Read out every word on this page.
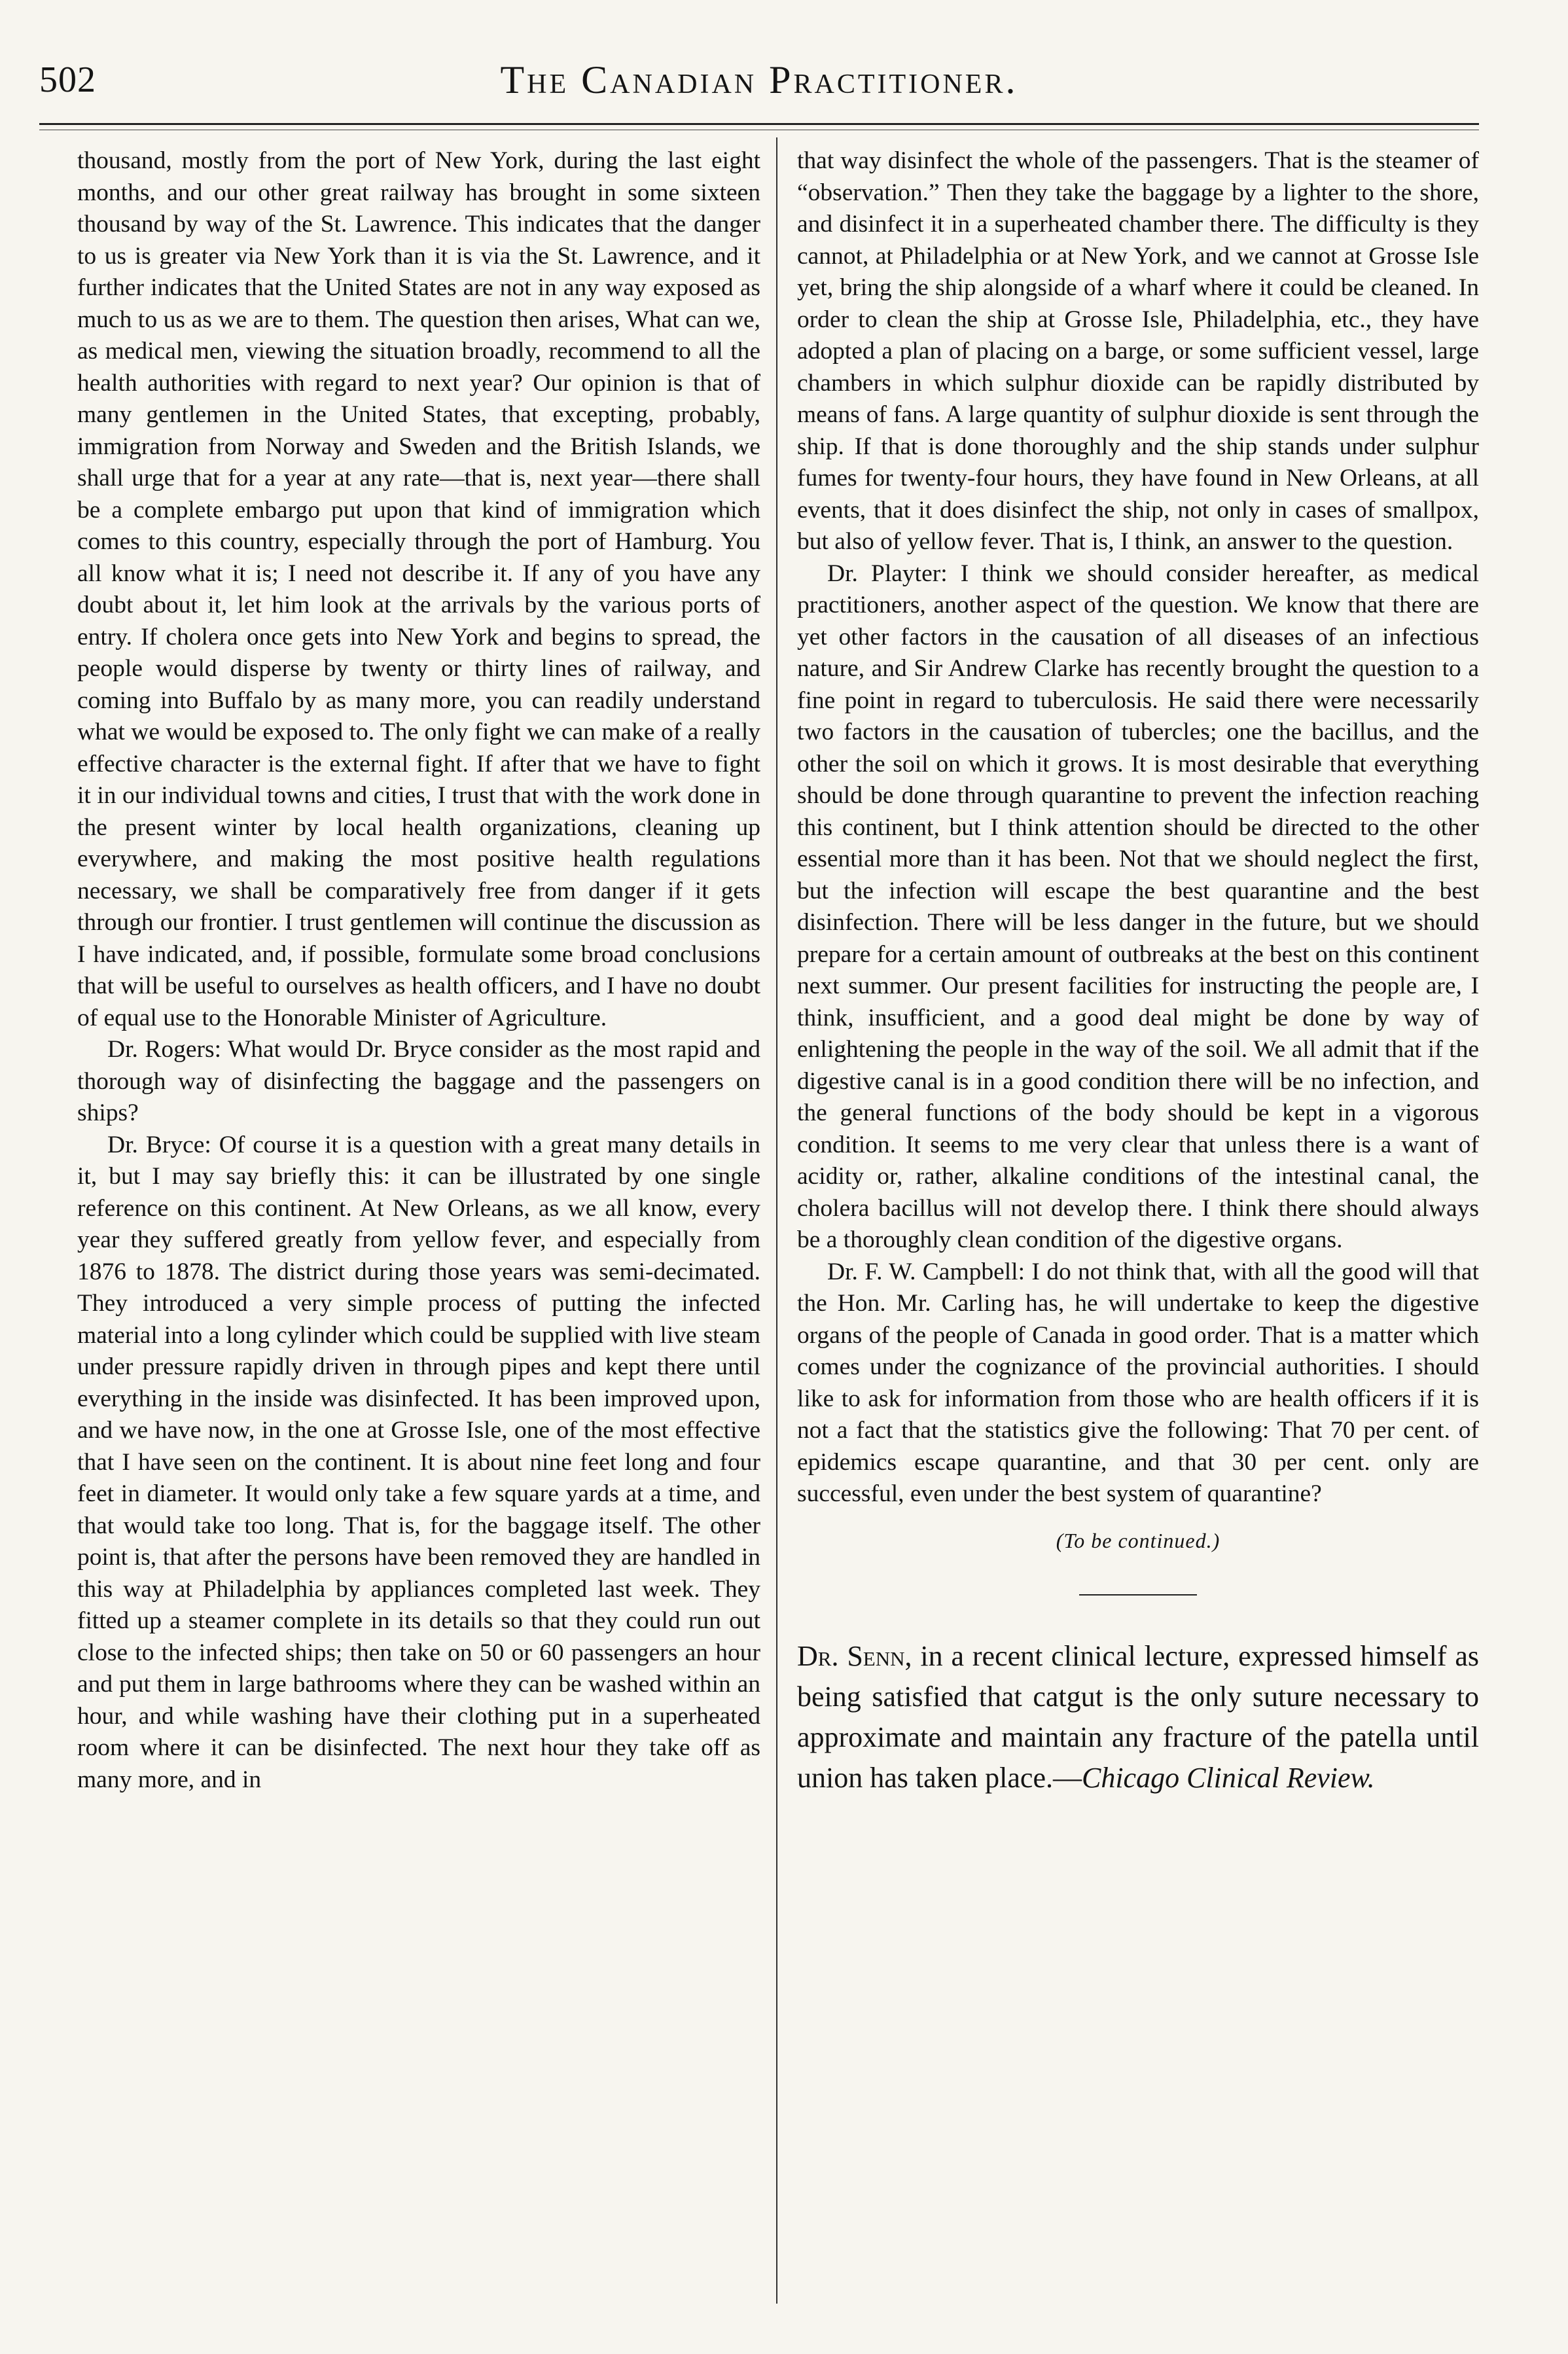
502	The Canadian Practitioner.

thousand, mostly from the port of New York, during the last eight months, and our other great railway has brought in some sixteen thousand by way of the St. Lawrence. This indicates that the danger to us is greater via New York than it is via the St. Lawrence, and it further indicates that the United States are not in any way exposed as much to us as we are to them. The question then arises, What can we, as medical men, viewing the situation broadly, recommend to all the health authorities with regard to next year? Our opinion is that of many gentlemen in the United States, that excepting, probably, immigration from Norway and Sweden and the British Islands, we shall urge that for a year at any rate—that is, next year—there shall be a complete embargo put upon that kind of immigration which comes to this country, especially through the port of Hamburg. You all know what it is; I need not describe it. If any of you have any doubt about it, let him look at the arrivals by the various ports of entry. If cholera once gets into New York and begins to spread, the people would disperse by twenty or thirty lines of railway, and coming into Buffalo by as many more, you can readily understand what we would be exposed to. The only fight we can make of a really effective character is the external fight. If after that we have to fight it in our individual towns and cities, I trust that with the work done in the present winter by local health organizations, cleaning up everywhere, and making the most positive health regulations necessary, we shall be comparatively free from danger if it gets through our frontier. I trust gentlemen will continue the discussion as I have indicated, and, if possible, formulate some broad conclusions that will be useful to ourselves as health officers, and I have no doubt of equal use to the Honorable Minister of Agriculture.

Dr. Rogers: What would Dr. Bryce consider as the most rapid and thorough way of disinfecting the baggage and the passengers on ships?

Dr. Bryce: Of course it is a question with a great many details in it, but I may say briefly this: it can be illustrated by one single reference on this continent. At New Orleans, as we all know, every year they suffered greatly from yellow fever, and especially from 1876 to 1878. The district during those years was semi-decimated. They introduced a very simple process of putting the infected material into a long cylinder which could be supplied with live steam under pressure rapidly driven in through pipes and kept there until everything in the inside was disinfected. It has been improved upon, and we have now, in the one at Grosse Isle, one of the most effective that I have seen on the continent. It is about nine feet long and four feet in diameter. It would only take a few square yards at a time, and that would take too long. That is, for the baggage itself. The other point is, that after the persons have been removed they are handled in this way at Philadelphia by appliances completed last week. They fitted up a steamer complete in its details so that they could run out close to the infected ships; then take on 50 or 60 passengers an hour and put them in large bathrooms where they can be washed within an hour, and while washing have their clothing put in a superheated room where it can be disinfected. The next hour they take off as many more, and in

that way disinfect the whole of the passengers. That is the steamer of “observation.” Then they take the baggage by a lighter to the shore, and disinfect it in a superheated chamber there. The difficulty is they cannot, at Philadelphia or at New York, and we cannot at Grosse Isle yet, bring the ship alongside of a wharf where it could be cleaned. In order to clean the ship at Grosse Isle, Philadelphia, etc., they have adopted a plan of placing on a barge, or some sufficient vessel, large chambers in which sulphur dioxide can be rapidly distributed by means of fans. A large quantity of sulphur dioxide is sent through the ship. If that is done thoroughly and the ship stands under sulphur fumes for twenty-four hours, they have found in New Orleans, at all events, that it does disinfect the ship, not only in cases of smallpox, but also of yellow fever. That is, I think, an answer to the question.

Dr. Playter: I think we should consider hereafter, as medical practitioners, another aspect of the question. We know that there are yet other factors in the causation of all diseases of an infectious nature, and Sir Andrew Clarke has recently brought the question to a fine point in regard to tuberculosis. He said there were necessarily two factors in the causation of tubercles; one the bacillus, and the other the soil on which it grows. It is most desirable that everything should be done through quarantine to prevent the infection reaching this continent, but I think attention should be directed to the other essential more than it has been. Not that we should neglect the first, but the infection will escape the best quarantine and the best disinfection. There will be less danger in the future, but we should prepare for a certain amount of outbreaks at the best on this continent next summer. Our present facilities for instructing the people are, I think, insufficient, and a good deal might be done by way of enlightening the people in the way of the soil. We all admit that if the digestive canal is in a good condition there will be no infection, and the general functions of the body should be kept in a vigorous condition. It seems to me very clear that unless there is a want of acidity or, rather, alkaline conditions of the intestinal canal, the cholera bacillus will not develop there. I think there should always be a thoroughly clean condition of the digestive organs.

Dr. F. W. Campbell: I do not think that, with all the good will that the Hon. Mr. Carling has, he will undertake to keep the digestive organs of the people of Canada in good order. That is a matter which comes under the cognizance of the provincial authorities. I should like to ask for information from those who are health officers if it is not a fact that the statistics give the following: That 70 per cent. of epidemics escape quarantine, and that 30 per cent. only are successful, even under the best system of quarantine?

(To be continued.)
Dr. Senn, in a recent clinical lecture, expressed himself as being satisfied that catgut is the only suture necessary to approximate and maintain any fracture of the patella until union has taken place.—Chicago Clinical Review.
